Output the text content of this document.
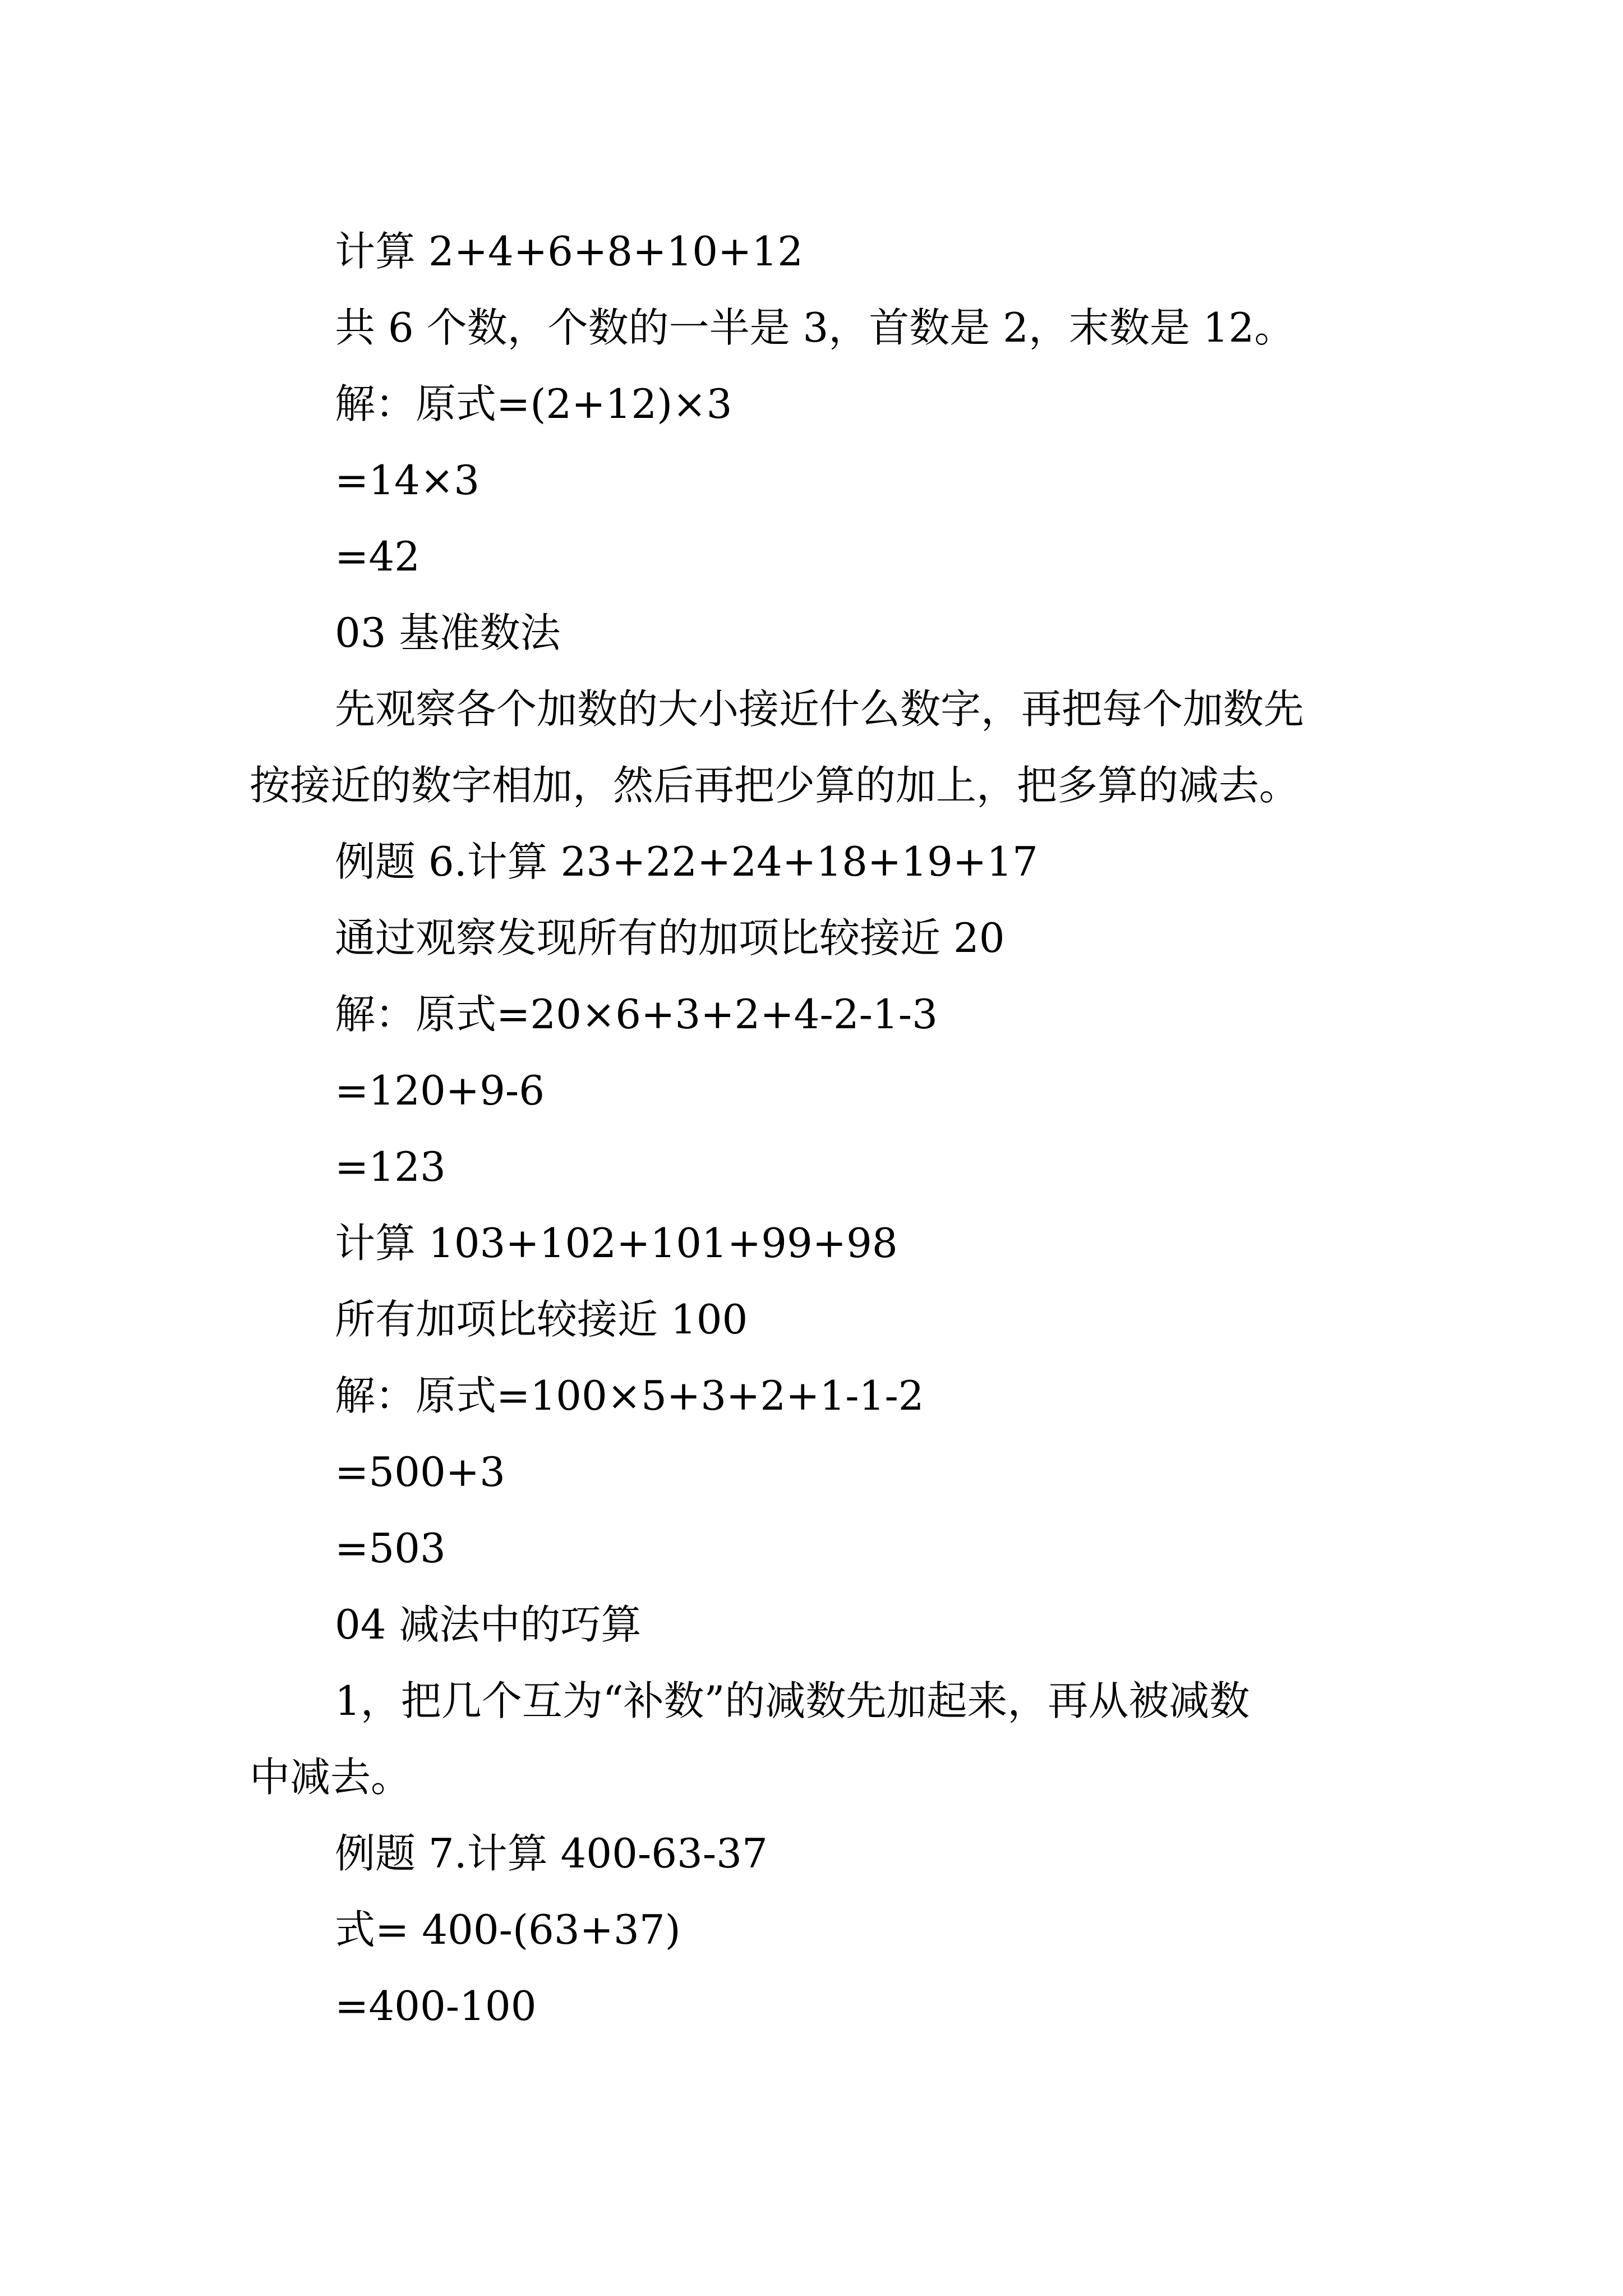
计算 2+4+6+8+10+12
共 6 个数，个数的一半是 3，首数是 2，末数是 12。
解：原式=(2+12)×3
=14×3
=42
03 基准数法
先观察各个加数的大小接近什么数字，再把每个加数先
按接近的数字相加，然后再把少算的加上，把多算的减去。
例题 6.计算 23+22+24+18+19+17
通过观察发现所有的加项比较接近 20
解：原式=20×6+3+2+4-2-1-3
=120+9-6
=123
计算 103+102+101+99+98
所有加项比较接近 100
解：原式=100×5+3+2+1-1-2
=500+3
=503
04 减法中的巧算
1，把几个互为“补数”的减数先加起来，再从被减数
中减去。
例题 7.计算 400-63-37
式= 400-(63+37)
=400-100
